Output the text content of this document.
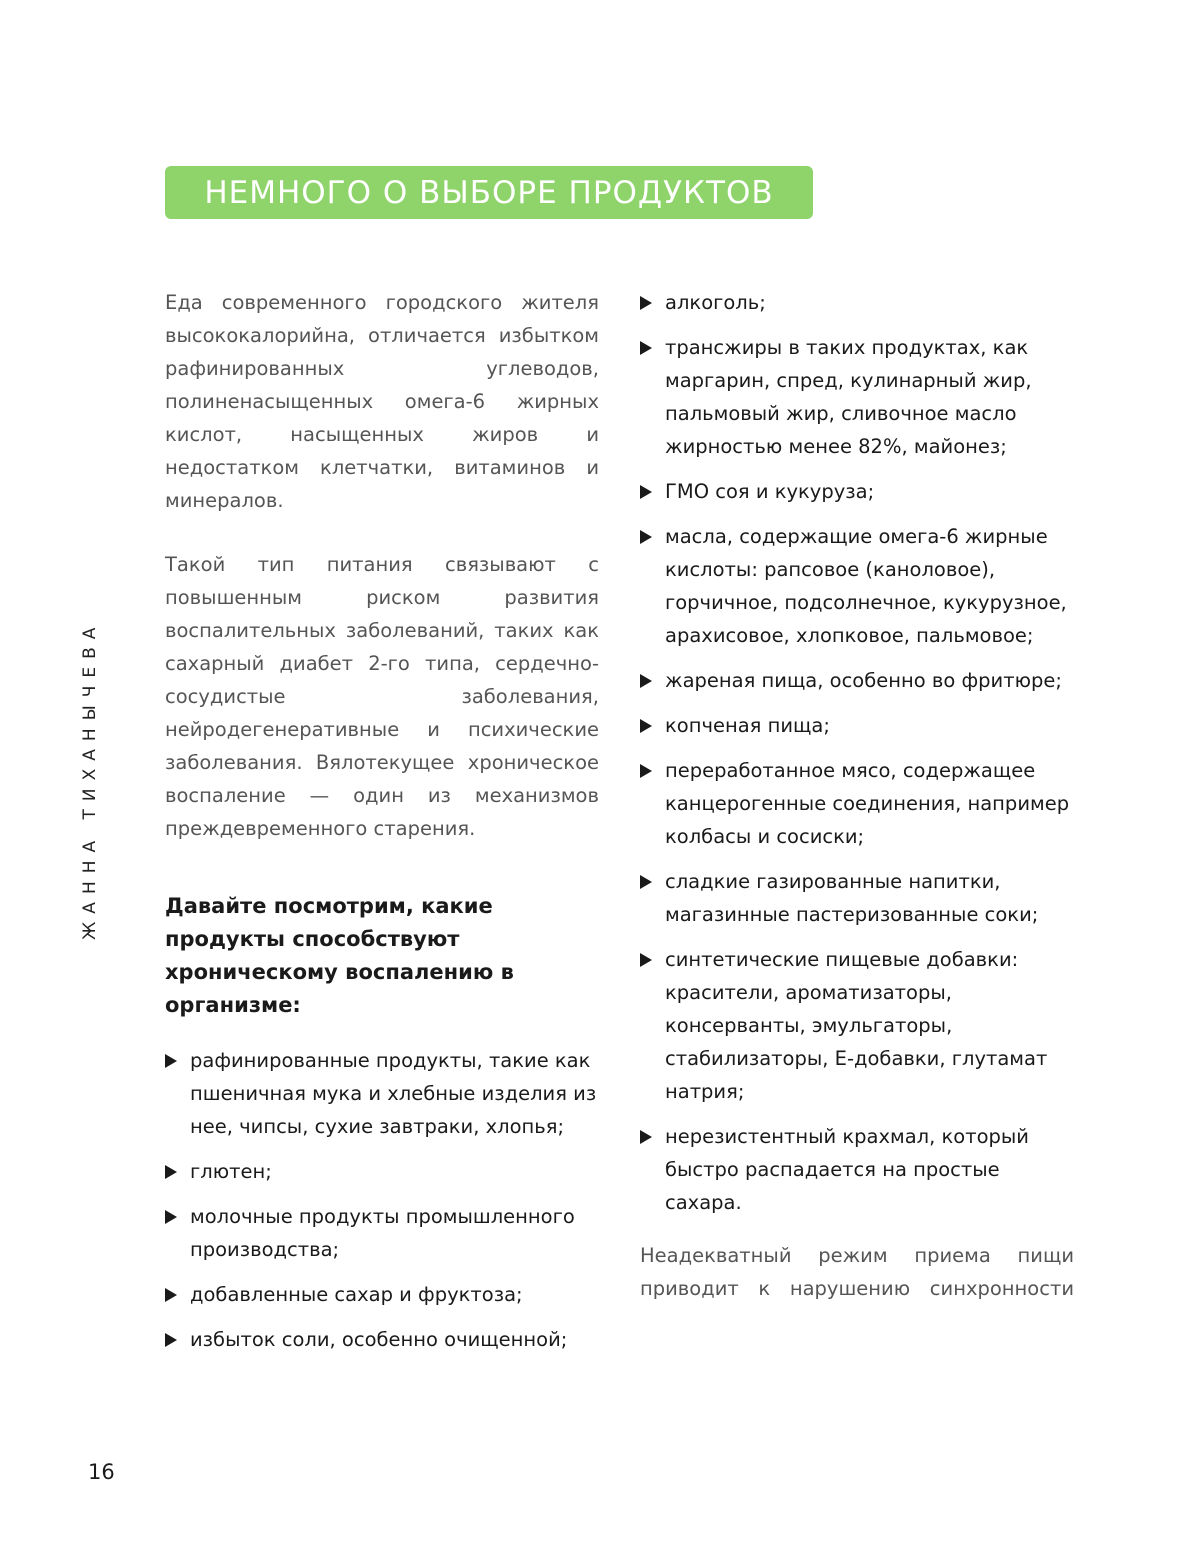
НЕМНОГО О ВЫБОРЕ ПРОДУКТОВ
ЖАННА ТИХАНЫЧЕВА

Еда современного городского жителя высококалорийна, отличается избытком рафинированных углеводов, полиненасыщенных омега-6 жирных кислот, насыщенных жиров и недостатком клетчатки, витаминов и минералов.

Такой тип питания связывают с повышенным риском развития воспалительных заболеваний, таких как сахарный диабет 2-го типа, сердечно-сосудистые заболевания, нейродегенеративные и психические заболевания. Вялотекущее хроническое воспаление — один из механизмов преждевременного старения.

Давайте посмотрим, какие продукты способствуют хроническому воспалению в организме:
рафинированные продукты, такие как пшеничная мука и хлебные изделия из нее, чипсы, сухие завтраки, хлопья;
глютен;
молочные продукты промышленного производства;
добавленные сахар и фруктоза;
избыток соли, особенно очищенной;
алкоголь;
трансжиры в таких продуктах, как маргарин, спред, кулинарный жир, пальмовый жир, сливочное масло жирностью менее 82%, майонез;
ГМО соя и кукуруза;
масла, содержащие омега-6 жирные кислоты: рапсовое (каноловое), горчичное, подсолнечное, кукурузное, арахисовое, хлопковое, пальмовое;
жареная пища, особенно во фритюре;
копченая пища;
переработанное мясо, содержащее канцерогенные соединения, например колбасы и сосиски;
сладкие газированные напитки, магазинные пастеризованные соки;
синтетические пищевые добавки: красители, ароматизаторы, консерванты, эмульгаторы, стабилизаторы, Е-добавки, глутамат натрия;
нерезистентный крахмал, который быстро распадается на простые сахара.

Неадекватный режим приема пищи приводит к нарушению синхронности

16
